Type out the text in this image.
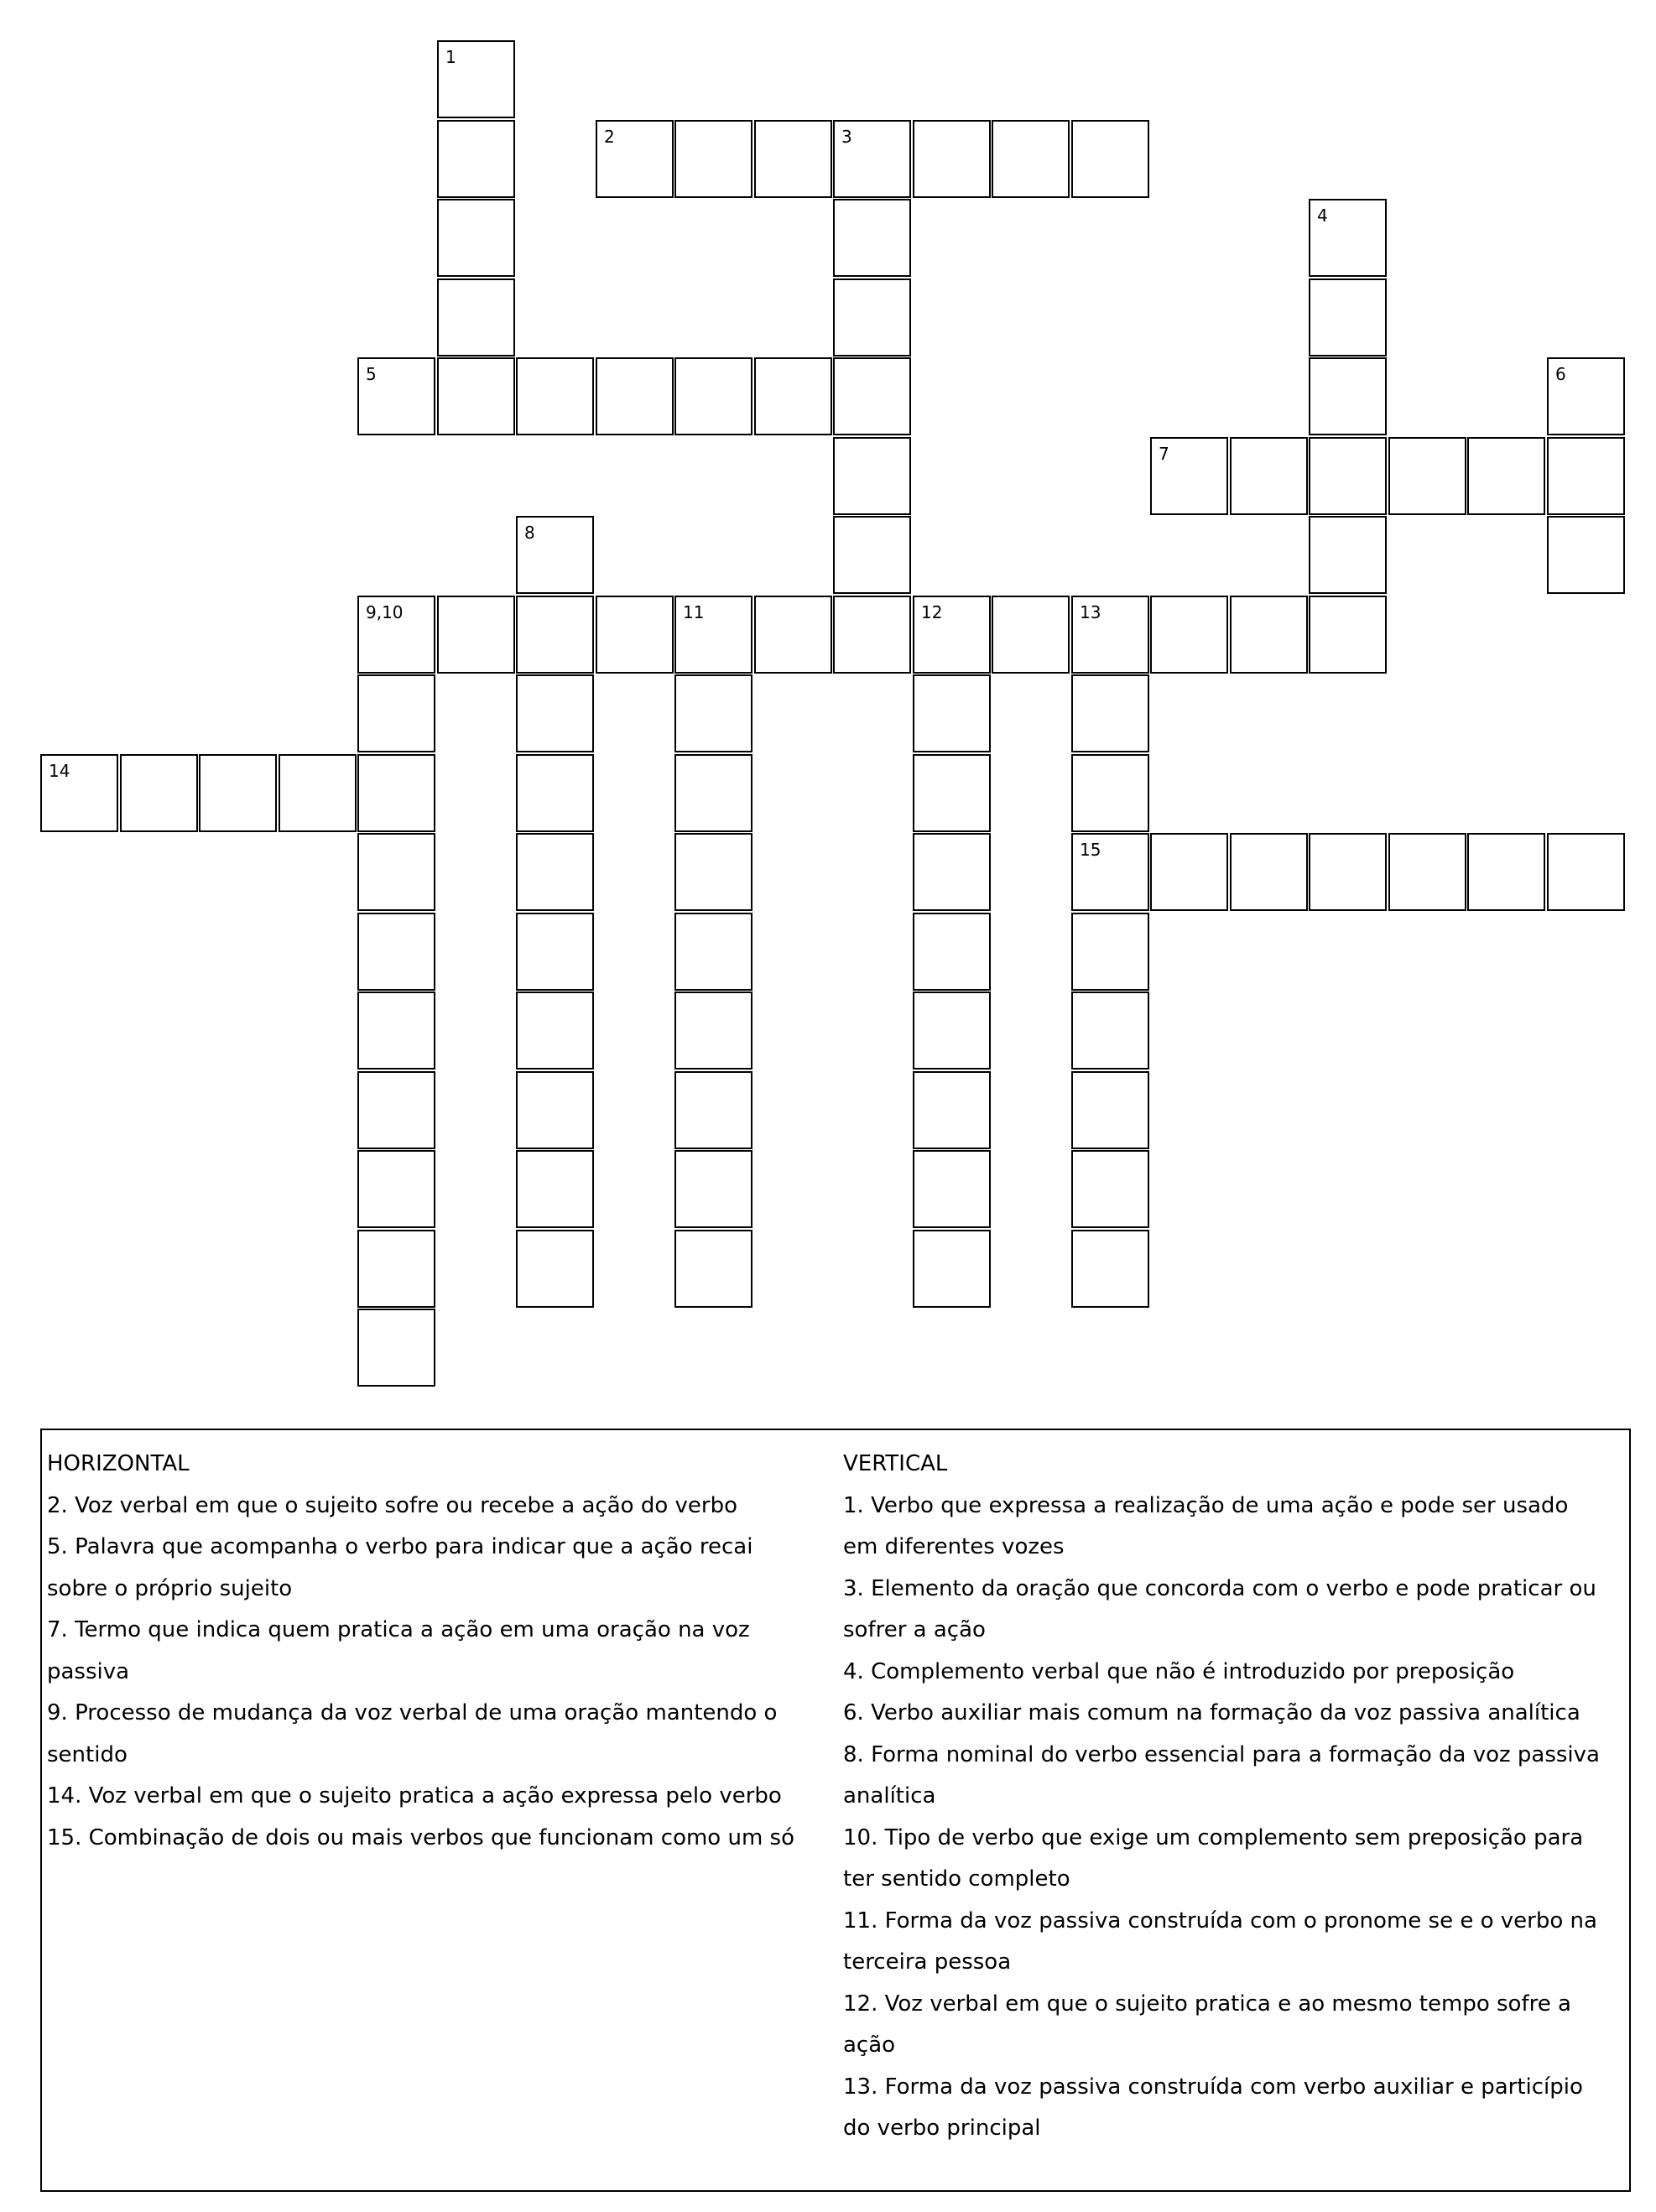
1
2	3
4
5	6
7
8
9,10	11	12	13
15
14
HORIZONTAL
2. Voz verbal em que o sujeito sofre ou recebe a ação do verbo
5. Palavra que acompanha o verbo para indicar que a ação recai
sobre o próprio sujeito
7. Termo que indica quem pratica a ação em uma oração na voz
passiva
9. Processo de mudança da voz verbal de uma oração mantendo o
sentido
14. Voz verbal em que o sujeito pratica a ação expressa pelo verbo
15. Combinação de dois ou mais verbos que funcionam como um só
VERTICAL
1. Verbo que expressa a realização de uma ação e pode ser usado
em diferentes vozes
3. Elemento da oração que concorda com o verbo e pode praticar ou
sofrer a ação
4. Complemento verbal que não é introduzido por preposição
6. Verbo auxiliar mais comum na formação da voz passiva analítica
8. Forma nominal do verbo essencial para a formação da voz passiva
analítica
10. Tipo de verbo que exige um complemento sem preposição para
ter sentido completo
11. Forma da voz passiva construída com o pronome se e o verbo na
terceira pessoa
12. Voz verbal em que o sujeito pratica e ao mesmo tempo sofre a
ação
13. Forma da voz passiva construída com verbo auxiliar e particípio
do verbo principal
